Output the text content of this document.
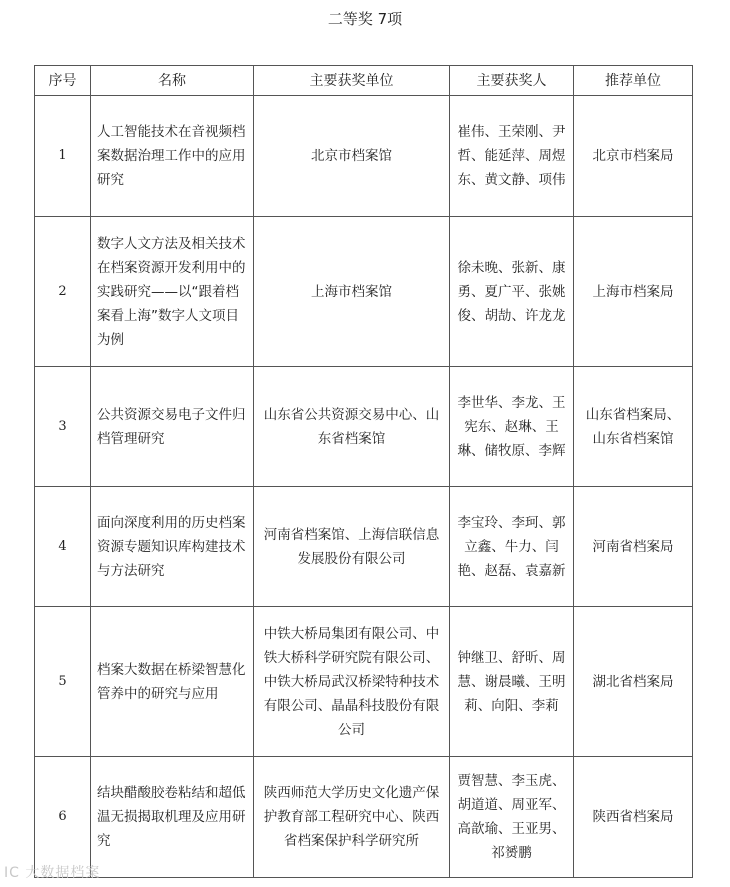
二等奖 7项
序号	名称	主要获奖单位	主要获奖人	推荐单位
1	人工智能技术在音视频档案数据治理工作中的应用研究	北京市档案馆	崔伟、王荣刚、尹哲、能延萍、周煜东、黄文静、项伟	北京市档案局
2	数字人文方法及相关技术在档案资源开发利用中的实践研究——以“跟着档案看上海”数字人文项目为例	上海市档案馆	徐未晚、张新、康勇、夏广平、张姚俊、胡劼、许龙龙	上海市档案局
3	公共资源交易电子文件归档管理研究	山东省公共资源交易中心、山东省档案馆	李世华、李龙、王宪东、赵琳、王琳、储牧原、李辉	山东省档案局、山东省档案馆
4	面向深度利用的历史档案资源专题知识库构建技术与方法研究	河南省档案馆、上海信联信息发展股份有限公司	李宝玲、李珂、郭立鑫、牛力、闫艳、赵磊、袁嘉新	河南省档案局
5	档案大数据在桥梁智慧化管养中的研究与应用	中铁大桥局集团有限公司、中铁大桥科学研究院有限公司、中铁大桥局武汉桥梁特种技术有限公司、晶晶科技股份有限公司	钟继卫、舒昕、周慧、谢晨曦、王明莉、向阳、李莉	湖北省档案局
6	结块醋酸胶卷粘结和超低温无损揭取机理及应用研究	陕西师范大学历史文化遗产保护教育部工程研究中心、陕西省档案保护科学研究所	贾智慧、李玉虎、胡道道、周亚军、高歆瑜、王亚男、祁赟鹏	陕西省档案局
IC 大数据档案
